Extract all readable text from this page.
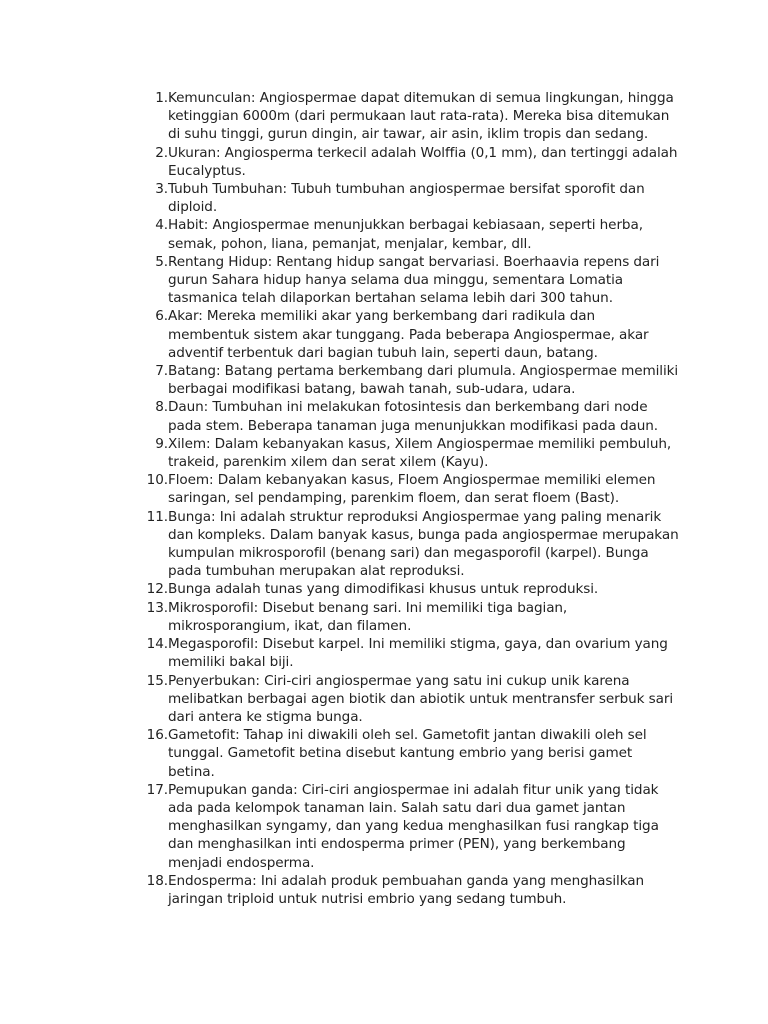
1. Kemunculan: Angiospermae dapat ditemukan di semua lingkungan, hingga ketinggian 6000m (dari permukaan laut rata-rata). Mereka bisa ditemukan di suhu tinggi, gurun dingin, air tawar, air asin, iklim tropis dan sedang.
2. Ukuran: Angiosperma terkecil adalah Wolffia (0,1 mm), dan tertinggi adalah Eucalyptus.
3. Tubuh Tumbuhan: Tubuh tumbuhan angiospermae bersifat sporofit dan diploid.
4. Habit: Angiospermae menunjukkan berbagai kebiasaan, seperti herba, semak, pohon, liana, pemanjat, menjalar, kembar, dll.
5. Rentang Hidup: Rentang hidup sangat bervariasi. Boerhaavia repens dari gurun Sahara hidup hanya selama dua minggu, sementara Lomatia tasmanica telah dilaporkan bertahan selama lebih dari 300 tahun.
6. Akar: Mereka memiliki akar yang berkembang dari radikula dan membentuk sistem akar tunggang. Pada beberapa Angiospermae, akar adventif terbentuk dari bagian tubuh lain, seperti daun, batang.
7. Batang: Batang pertama berkembang dari plumula. Angiospermae memiliki berbagai modifikasi batang, bawah tanah, sub-udara, udara.
8. Daun: Tumbuhan ini melakukan fotosintesis dan berkembang dari node pada stem. Beberapa tanaman juga menunjukkan modifikasi pada daun.
9. Xilem: Dalam kebanyakan kasus, Xilem Angiospermae memiliki pembuluh, trakeid, parenkim xilem dan serat xilem (Kayu).
10. Floem: Dalam kebanyakan kasus, Floem Angiospermae memiliki elemen saringan, sel pendamping, parenkim floem, dan serat floem (Bast).
11. Bunga: Ini adalah struktur reproduksi Angiospermae yang paling menarik dan kompleks. Dalam banyak kasus, bunga pada angiospermae merupakan kumpulan mikrosporofil (benang sari) dan megasporofil (karpel). Bunga pada tumbuhan merupakan alat reproduksi.
12. Bunga adalah tunas yang dimodifikasi khusus untuk reproduksi.
13. Mikrosporofil: Disebut benang sari. Ini memiliki tiga bagian, mikrosporangium, ikat, dan filamen.
14. Megasporofil: Disebut karpel. Ini memiliki stigma, gaya, dan ovarium yang memiliki bakal biji.
15. Penyerbukan: Ciri-ciri angiospermae yang satu ini cukup unik karena melibatkan berbagai agen biotik dan abiotik untuk mentransfer serbuk sari dari antera ke stigma bunga.
16. Gametofit: Tahap ini diwakili oleh sel. Gametofit jantan diwakili oleh sel tunggal. Gametofit betina disebut kantung embrio yang berisi gamet betina.
17. Pemupukan ganda: Ciri-ciri angiospermae ini adalah fitur unik yang tidak ada pada kelompok tanaman lain. Salah satu dari dua gamet jantan menghasilkan syngamy, dan yang kedua menghasilkan fusi rangkap tiga dan menghasilkan inti endosperma primer (PEN), yang berkembang menjadi endosperma.
18. Endosperma: Ini adalah produk pembuahan ganda yang menghasilkan jaringan triploid untuk nutrisi embrio yang sedang tumbuh.
